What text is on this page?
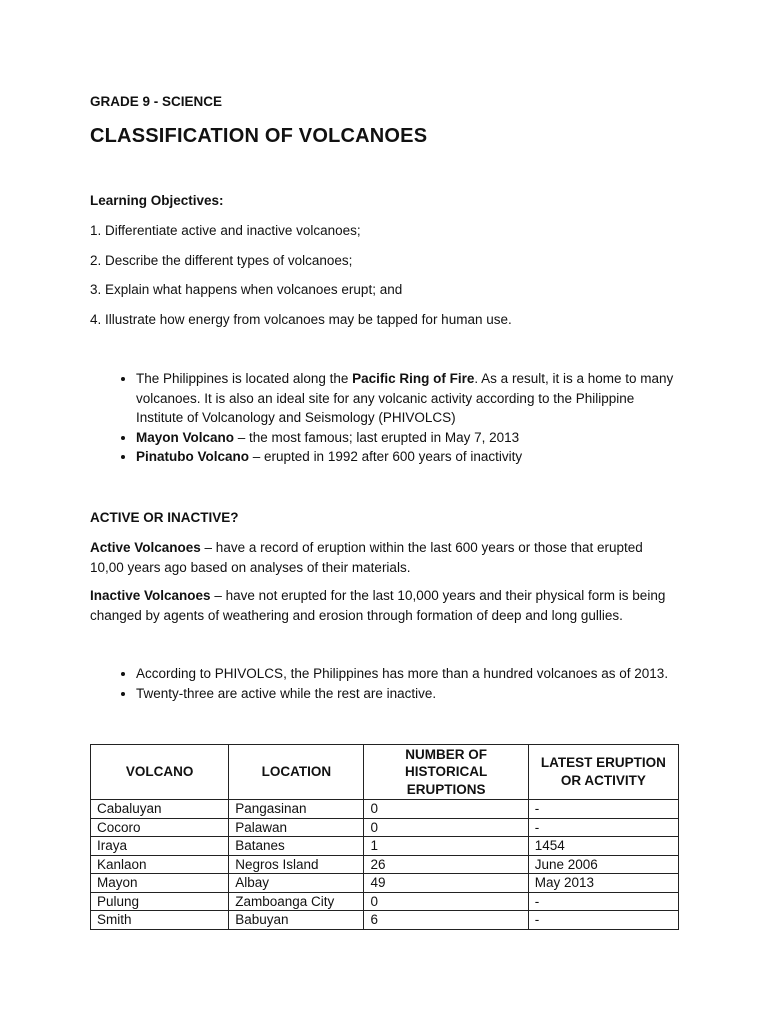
GRADE 9 - SCIENCE
CLASSIFICATION OF VOLCANOES
Learning Objectives:
1. Differentiate active and inactive volcanoes;
2. Describe the different types of volcanoes;
3. Explain what happens when volcanoes erupt; and
4. Illustrate how energy from volcanoes may be tapped for human use.
• The Philippines is located along the Pacific Ring of Fire. As a result, it is a home to many volcanoes. It is also an ideal site for any volcanic activity according to the Philippine Institute of Volcanology and Seismology (PHIVOLCS)
• Mayon Volcano – the most famous; last erupted in May 7, 2013
• Pinatubo Volcano – erupted in 1992 after 600 years of inactivity
ACTIVE OR INACTIVE?
Active Volcanoes – have a record of eruption within the last 600 years or those that erupted 10,00 years ago based on analyses of their materials.
Inactive Volcanoes – have not erupted for the last 10,000 years and their physical form is being changed by agents of weathering and erosion through formation of deep and long gullies.
• According to PHIVOLCS, the Philippines has more than a hundred volcanoes as of 2013.
• Twenty-three are active while the rest are inactive.
VOLCANO	LOCATION	NUMBER OF HISTORICAL ERUPTIONS	LATEST ERUPTION OR ACTIVITY
Cabaluyan	Pangasinan	0	-
Cocoro	Palawan	0	-
Iraya	Batanes	1	1454
Kanlaon	Negros Island	26	June 2006
Mayon	Albay	49	May 2013
Pulung	Zamboanga City	0	-
Smith	Babuyan	6	-
